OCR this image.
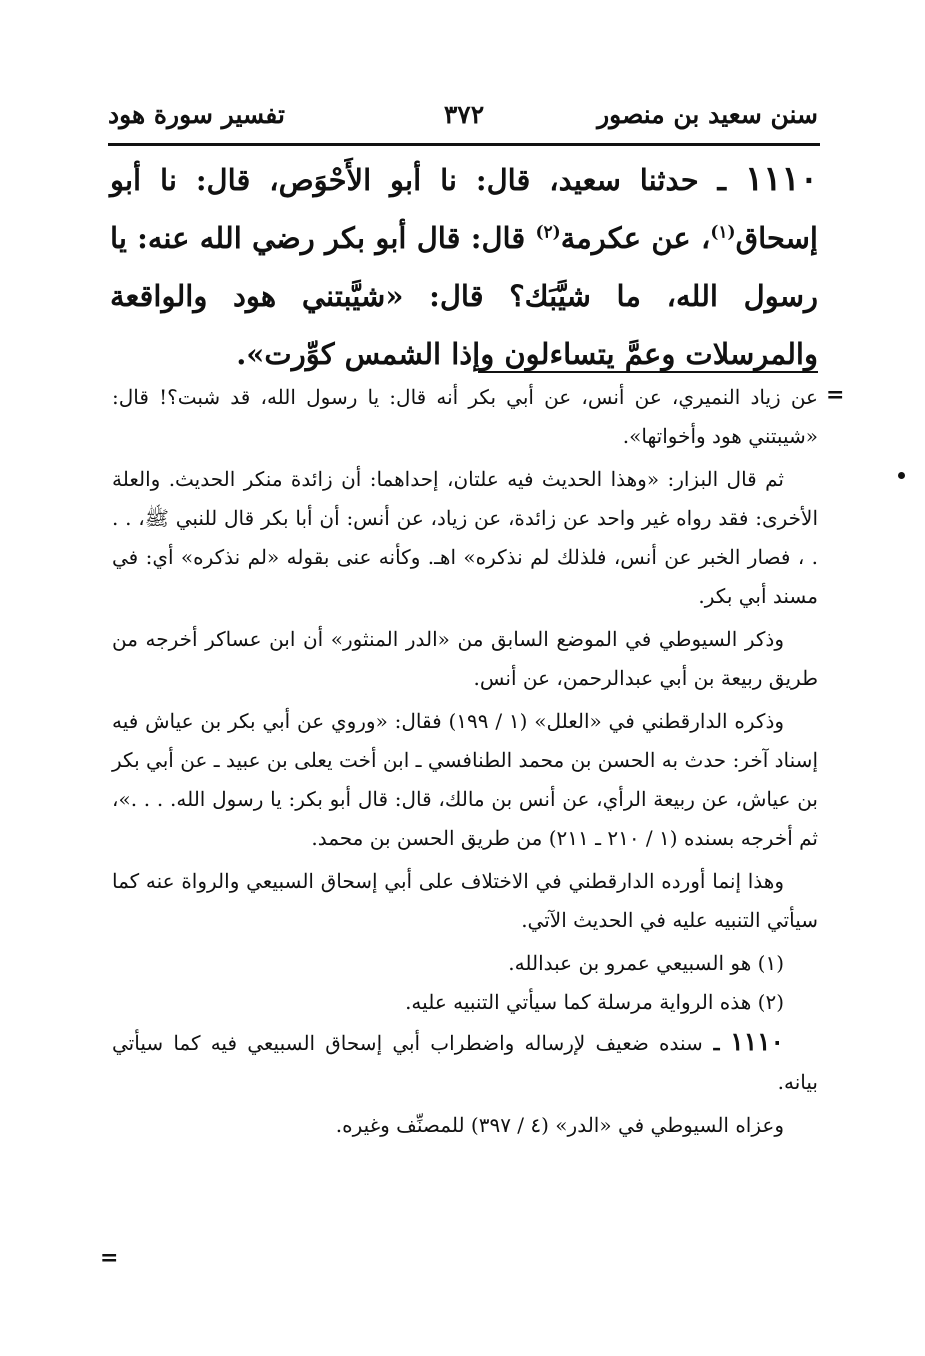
سنن سعيد بن منصور
٣٧٢
تفسير سورة هود
١١١٠ ـ حدثنا سعيد، قال: نا أبو الأَحْوَص، قال: نا أبو إسحاق$^{(١)}$، عن عكرمة$^{(٢)}$ قال: قال أبو بكر رضي الله عنه: يا رسول الله، ما شيَّبَك؟ قال: «شيَّبتني هود والواقعة والمرسلات وعمَّ يتساءلون وإذا الشمس كوِّرت».
=

عن زياد النميري، عن أنس، عن أبي بكر أنه قال: يا رسول الله، قد شبت؟! قال: «شيبتني هود وأخواتها».

ثم قال البزار: «وهذا الحديث فيه علتان، إحداهما: أن زائدة منكر الحديث. والعلة الأخرى: فقد رواه غير واحد عن زائدة، عن زياد، عن أنس: أن أبا بكر قال للنبي ﷺ، . . . ، فصار الخبر عن أنس، فلذلك لم نذكره» اهـ. وكأنه عنى بقوله «لم نذكره» أي: في مسند أبي بكر.

وذكر السيوطي في الموضع السابق من «الدر المنثور» أن ابن عساكر أخرجه من طريق ربيعة بن أبي عبدالرحمن، عن أنس.

وذكره الدارقطني في «العلل» (١ / ١٩٩) فقال: «وروي عن أبي بكر بن عياش فيه إسناد آخر: حدث به الحسن بن محمد الطنافسي ـ ابن أخت يعلى بن عبيد ـ عن أبي بكر بن عياش، عن ربيعة الرأي، عن أنس بن مالك، قال: قال أبو بكر: يا رسول الله. . . .»، ثم أخرجه بسنده (١ / ٢١٠ ـ ٢١١) من طريق الحسن بن محمد.

وهذا إنما أورده الدارقطني في الاختلاف على أبي إسحاق السبيعي والرواة عنه كما سيأتي التنبيه عليه في الحديث الآتي.

(١) هو السبيعي عمرو بن عبدالله.

(٢) هذه الرواية مرسلة كما سيأتي التنبيه عليه.

١١١٠ ـ سنده ضعيف لإرساله واضطراب أبي إسحاق السبيعي فيه كما سيأتي بيانه.

وعزاه السيوطي في «الدر» (٤ / ٣٩٧) للمصنِّف وغيره.

=
